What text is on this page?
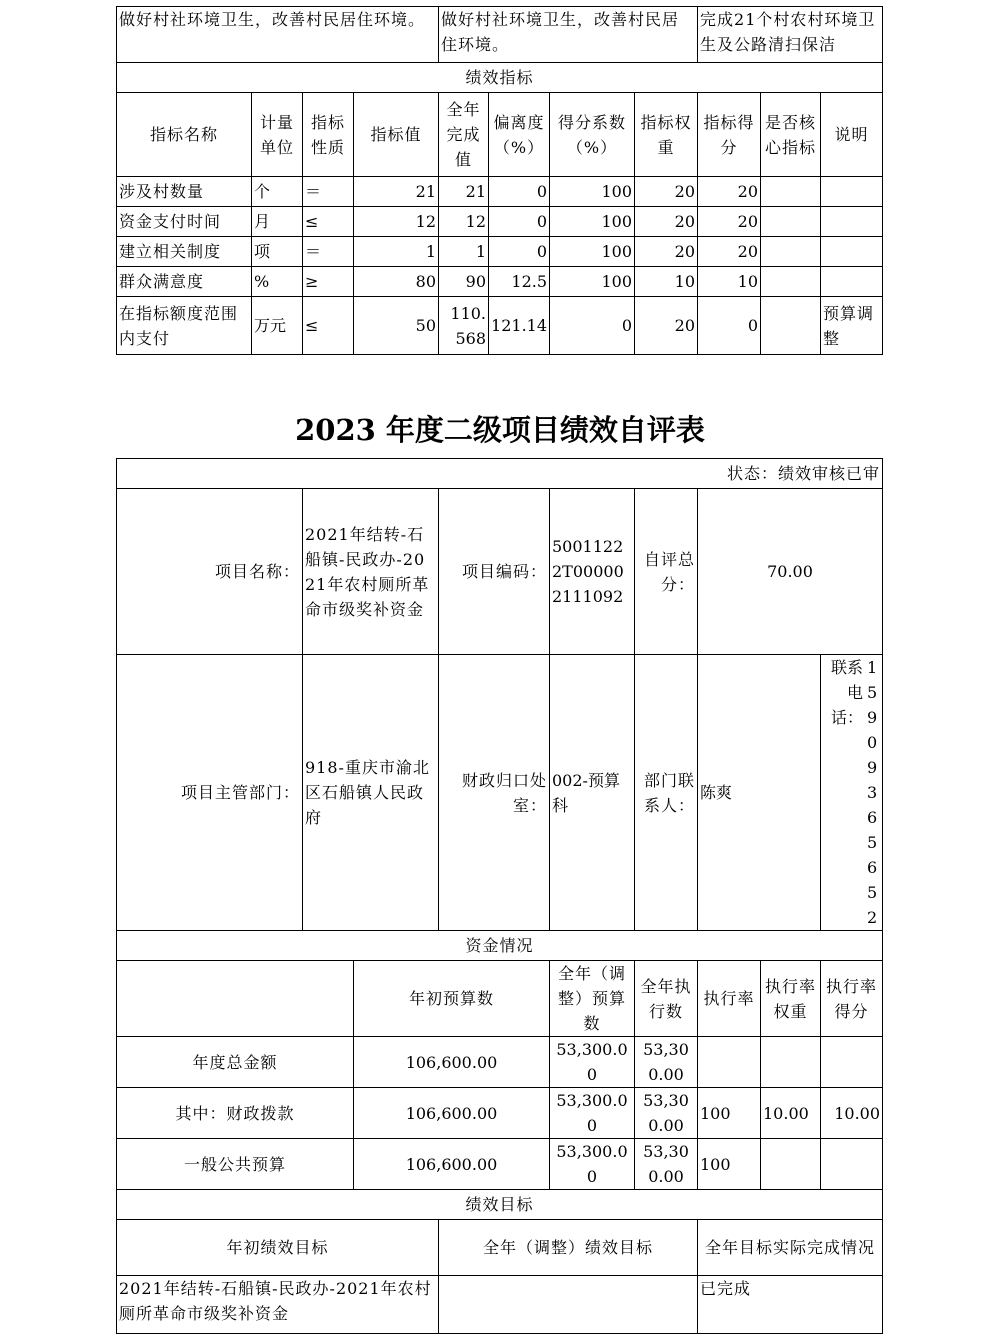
做好村社环境卫生，改善村民居住环境。				做好村社环境卫生，改善村民居住环境。				完成21个村农村环境卫生及公路清扫保洁		
绩效指标										
指标名称	计量单位	指标性质	指标值	全年完成值	偏离度（%）	得分系数（%）	指标权重	指标得分	是否核心指标	说明
涉及村数量	个	＝	21	21	0	100	20	20		
资金支付时间	月	≤	12	12	0	100	20	20		
建立相关制度	项	＝	1	1	0	100	20	20		
群众满意度	%	≥	80	90	12.5	100	10	10		
在指标额度范围内支付	万元	≤	50	110.568	121.14	0	20	0		预算调整
2023 年度二级项目绩效自评表
状态：绩效审核已审								
项目名称：	2021年结转-石船镇-民政办-2021年农村厕所革命市级奖补资金		项目编码：	50011222T000002111092	自评总分：	70.00		
项目主管部门：	918-重庆市渝北区石船镇人民政府		财政归口处室：	002-预算科	部门联系人：	陈爽		联系电话：
15909365652

资金情况								
		年初预算数		全年（调整）预算数	全年执行数	执行率	执行率权重	执行率得分
年度总金额		106,600.00		53,300.00	53,300.00			
其中：财政拨款		106,600.00		53,300.00	53,300.00	100	10.00	10.00
一般公共预算		106,600.00		53,300.00	53,300.00	100		
绩效目标								
年初绩效目标			全年（调整）绩效目标			全年目标实际完成情况		
2021年结转-石船镇-民政办-2021年农村厕所革命市级奖补资金						已完成		
